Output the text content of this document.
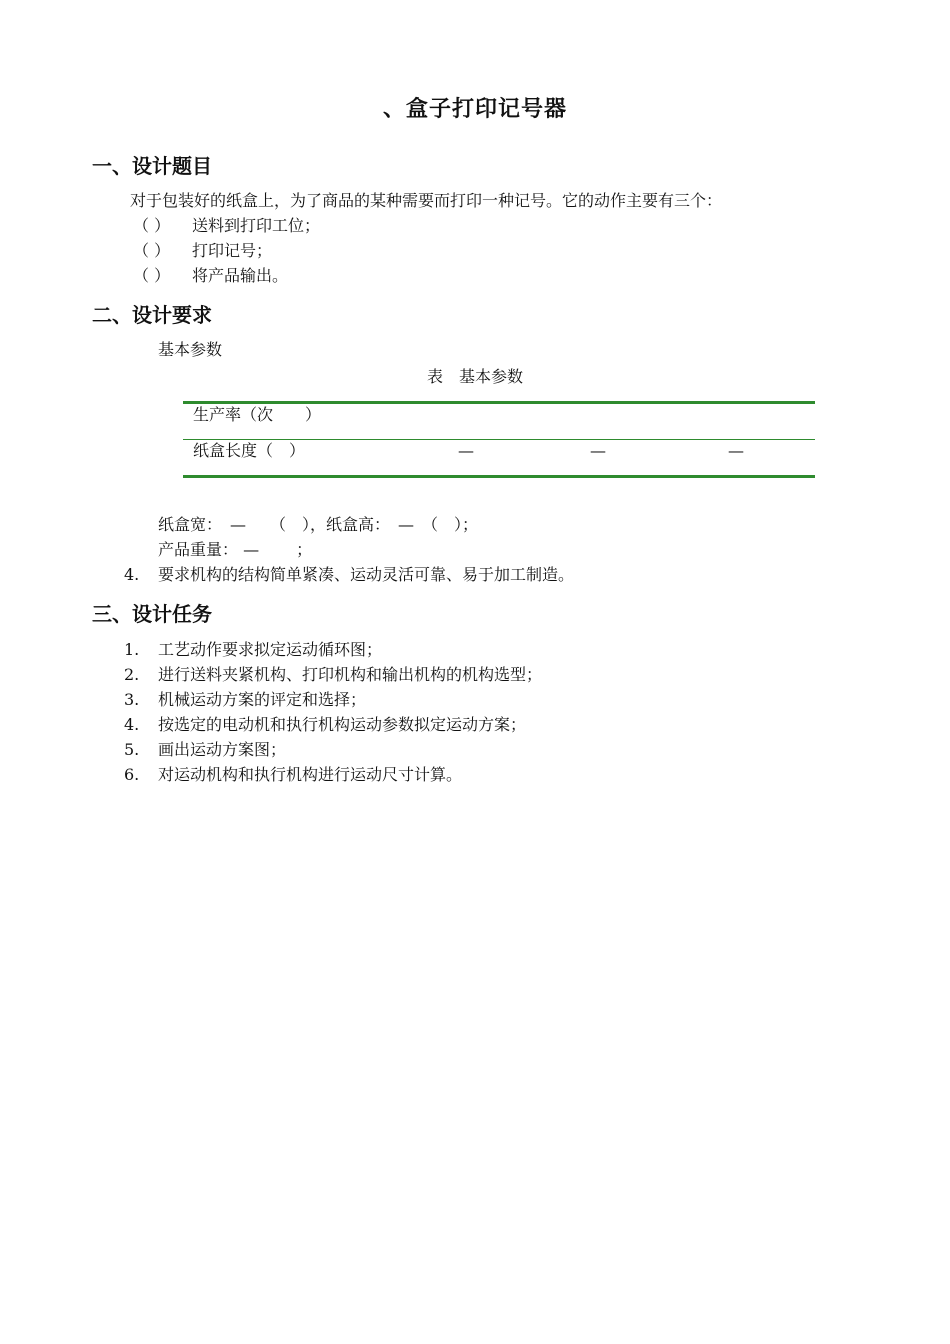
、盒子打印记号器
一、设计题目
对于包装好的纸盒上，为了商品的某种需要而打印一种记号。它的动作主要有三个：
（ ） 送料到打印工位；
（ ） 打印记号；
（ ） 将产品输出。
二、设计要求
基本参数
表　基本参数
生产率（次　　）
纸盒长度（　）	—	—	—
纸盒宽：　—　　（　），纸盒高：　—　（　）；
产品重量： —　　 ；
4. 要求机构的结构简单紧凑、运动灵活可靠、易于加工制造。
三、设计任务
1. 工艺动作要求拟定运动循环图；
2. 进行送料夹紧机构、打印机构和输出机构的机构选型；
3. 机械运动方案的评定和选择；
4. 按选定的电动机和执行机构运动参数拟定运动方案；
5. 画出运动方案图；
6. 对运动机构和执行机构进行运动尺寸计算。
